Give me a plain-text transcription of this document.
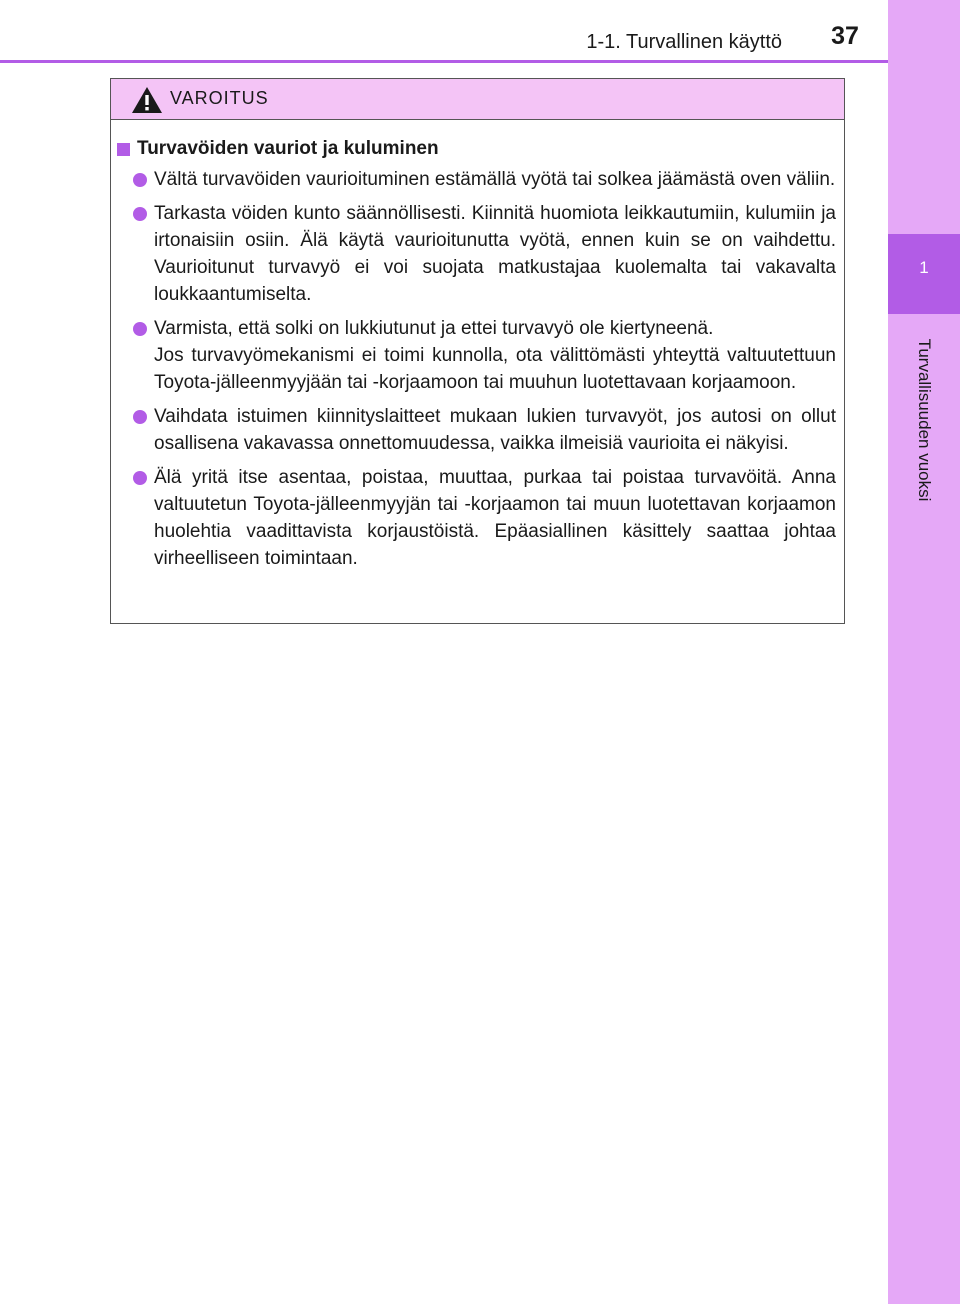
1
Turvallisuuden vuoksi
1-1. Turvallinen käyttö	37
VAROITUS
Turvavöiden vauriot ja kuluminen
Vältä turvavöiden vaurioituminen estämällä vyötä tai solkea jäämästä oven väliin.
Tarkasta vöiden kunto säännöllisesti. Kiinnitä huomiota leikkautumiin, kulumiin ja irtonaisiin osiin. Älä käytä vaurioitunutta vyötä, ennen kuin se on vaihdettu. Vaurioitunut turvavyö ei voi suojata matkustajaa kuolemalta tai vakavalta loukkaantumiselta.
Varmista, että solki on lukkiutunut ja ettei turvavyö ole kiertyneenä.
Jos turvavyömekanismi ei toimi kunnolla, ota välittömästi yhteyttä valtuutettuun Toyota-jälleenmyyjään tai -korjaamoon tai muuhun luotettavaan korjaamoon.
Vaihdata istuimen kiinnityslaitteet mukaan lukien turvavyöt, jos autosi on ollut osallisena vakavassa onnettomuudessa, vaikka ilmeisiä vaurioita ei näkyisi.
Älä yritä itse asentaa, poistaa, muuttaa, purkaa tai poistaa turvavöitä. Anna valtuutetun Toyota-jälleenmyyjän tai -korjaamon tai muun luotettavan korjaamon huolehtia vaadittavista korjaustöistä. Epäasiallinen käsittely saattaa johtaa virheelliseen toimintaan.
